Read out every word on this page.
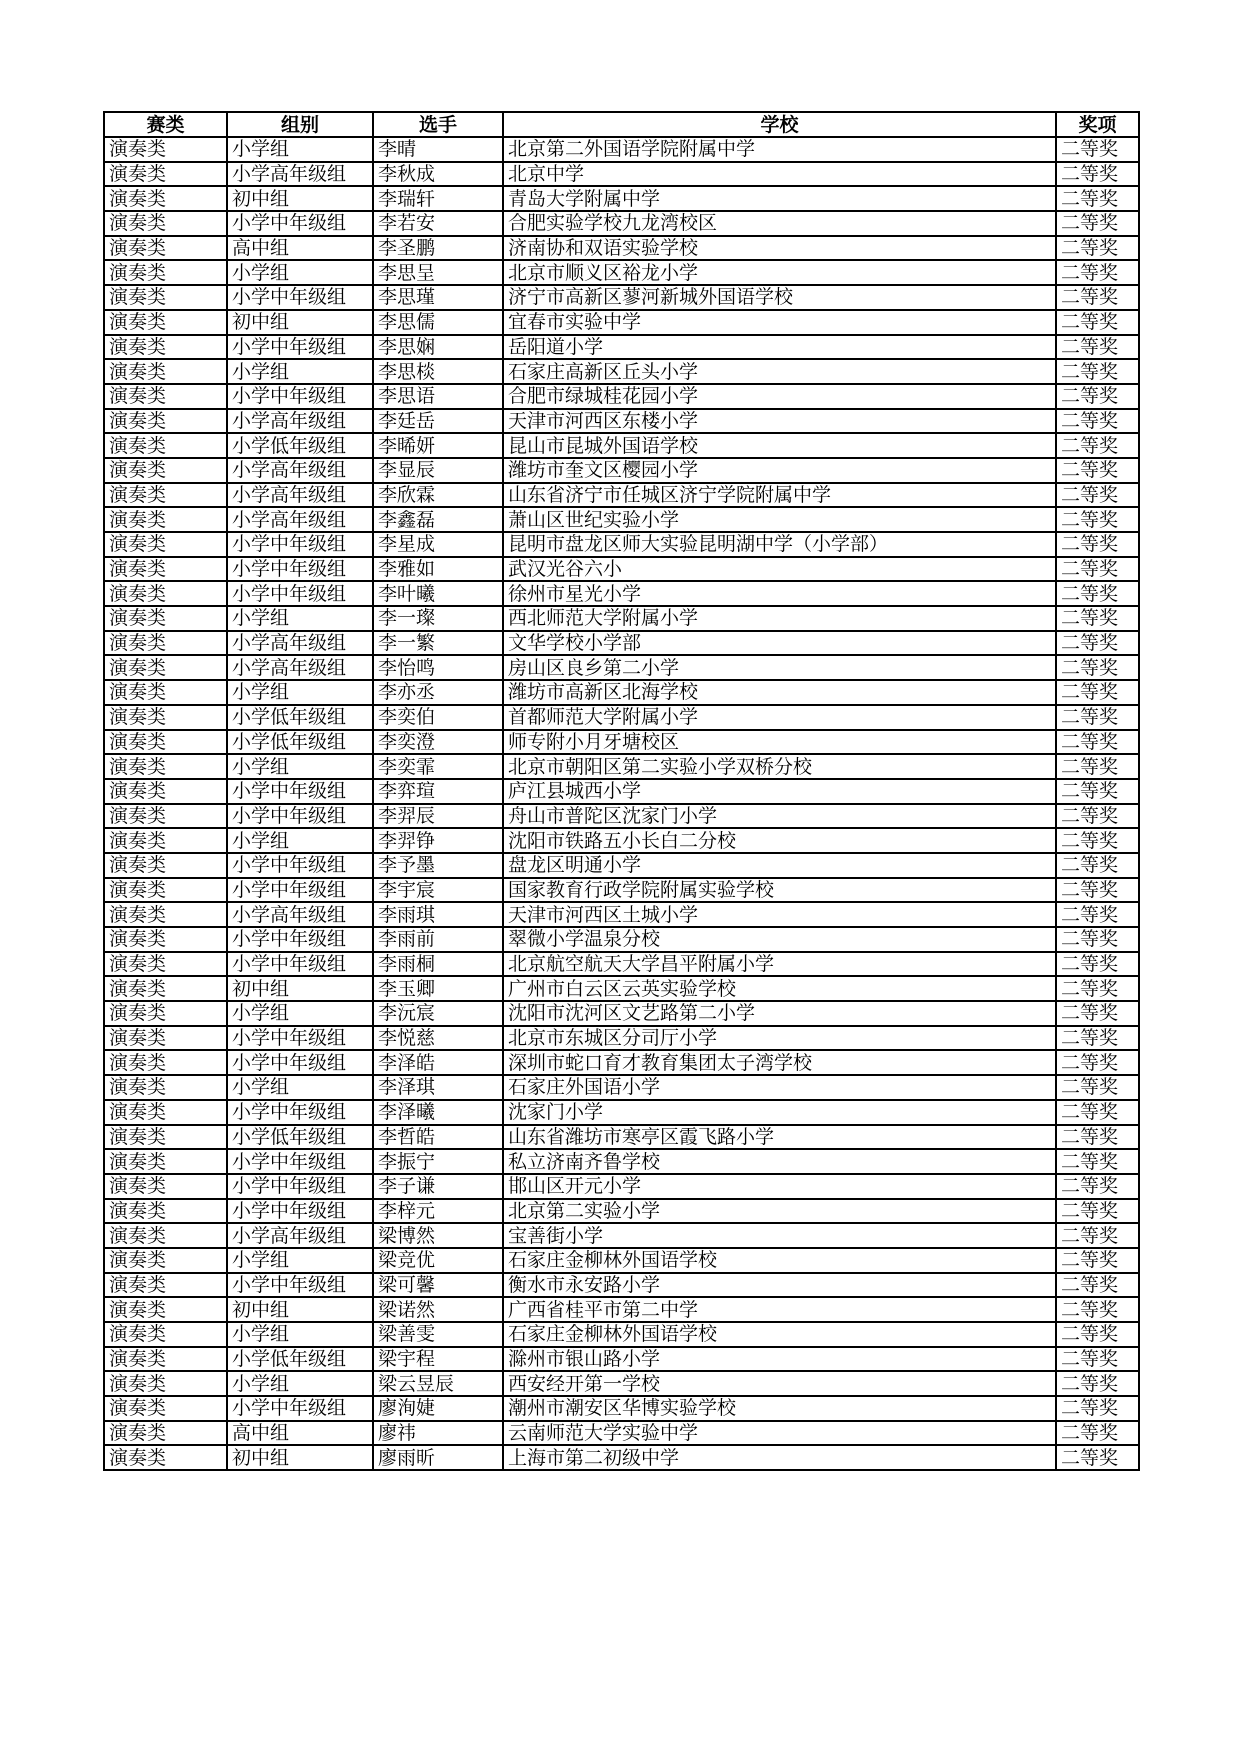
赛类	组别	选手	学校	奖项
演奏类	小学组	李晴	北京第二外国语学院附属中学	二等奖
演奏类	小学高年级组	李秋成	北京中学	二等奖
演奏类	初中组	李瑞轩	青岛大学附属中学	二等奖
演奏类	小学中年级组	李若安	合肥实验学校九龙湾校区	二等奖
演奏类	高中组	李圣鹏	济南协和双语实验学校	二等奖
演奏类	小学组	李思呈	北京市顺义区裕龙小学	二等奖
演奏类	小学中年级组	李思瑾	济宁市高新区蓼河新城外国语学校	二等奖
演奏类	初中组	李思儒	宜春市实验中学	二等奖
演奏类	小学中年级组	李思娴	岳阳道小学	二等奖
演奏类	小学组	李思棪	石家庄高新区丘头小学	二等奖
演奏类	小学中年级组	李思语	合肥市绿城桂花园小学	二等奖
演奏类	小学高年级组	李廷岳	天津市河西区东楼小学	二等奖
演奏类	小学低年级组	李晞妍	昆山市昆城外国语学校	二等奖
演奏类	小学高年级组	李显辰	潍坊市奎文区樱园小学	二等奖
演奏类	小学高年级组	李欣霖	山东省济宁市任城区济宁学院附属中学	二等奖
演奏类	小学高年级组	李鑫磊	萧山区世纪实验小学	二等奖
演奏类	小学中年级组	李星成	昆明市盘龙区师大实验昆明湖中学（小学部）	二等奖
演奏类	小学中年级组	李雅如	武汉光谷六小	二等奖
演奏类	小学中年级组	李叶曦	徐州市星光小学	二等奖
演奏类	小学组	李一璨	西北师范大学附属小学	二等奖
演奏类	小学高年级组	李一繁	文华学校小学部	二等奖
演奏类	小学高年级组	李怡鸣	房山区良乡第二小学	二等奖
演奏类	小学组	李亦丞	潍坊市高新区北海学校	二等奖
演奏类	小学低年级组	李奕伯	首都师范大学附属小学	二等奖
演奏类	小学低年级组	李奕澄	师专附小月牙塘校区	二等奖
演奏类	小学组	李奕霏	北京市朝阳区第二实验小学双桥分校	二等奖
演奏类	小学中年级组	李弈瑄	庐江县城西小学	二等奖
演奏类	小学中年级组	李羿辰	舟山市普陀区沈家门小学	二等奖
演奏类	小学组	李羿铮	沈阳市铁路五小长白二分校	二等奖
演奏类	小学中年级组	李予墨	盘龙区明通小学	二等奖
演奏类	小学中年级组	李宇宸	国家教育行政学院附属实验学校	二等奖
演奏类	小学高年级组	李雨琪	天津市河西区土城小学	二等奖
演奏类	小学中年级组	李雨前	翠微小学温泉分校	二等奖
演奏类	小学中年级组	李雨桐	北京航空航天大学昌平附属小学	二等奖
演奏类	初中组	李玉卿	广州市白云区云英实验学校	二等奖
演奏类	小学组	李沅宸	沈阳市沈河区文艺路第二小学	二等奖
演奏类	小学中年级组	李悦慈	北京市东城区分司厅小学	二等奖
演奏类	小学中年级组	李泽皓	深圳市蛇口育才教育集团太子湾学校	二等奖
演奏类	小学组	李泽琪	石家庄外国语小学	二等奖
演奏类	小学中年级组	李泽曦	沈家门小学	二等奖
演奏类	小学低年级组	李哲皓	山东省潍坊市寒亭区霞飞路小学	二等奖
演奏类	小学中年级组	李振宁	私立济南齐鲁学校	二等奖
演奏类	小学中年级组	李子谦	邯山区开元小学	二等奖
演奏类	小学中年级组	李梓元	北京第二实验小学	二等奖
演奏类	小学高年级组	梁博然	宝善街小学	二等奖
演奏类	小学组	梁竞优	石家庄金柳林外国语学校	二等奖
演奏类	小学中年级组	梁可馨	衡水市永安路小学	二等奖
演奏类	初中组	梁诺然	广西省桂平市第二中学	二等奖
演奏类	小学组	梁善雯	石家庄金柳林外国语学校	二等奖
演奏类	小学低年级组	梁宇程	滁州市银山路小学	二等奖
演奏类	小学组	梁云昱辰	西安经开第一学校	二等奖
演奏类	小学中年级组	廖洵婕	潮州市潮安区华博实验学校	二等奖
演奏类	高中组	廖祎	云南师范大学实验中学	二等奖
演奏类	初中组	廖雨昕	上海市第二初级中学	二等奖
